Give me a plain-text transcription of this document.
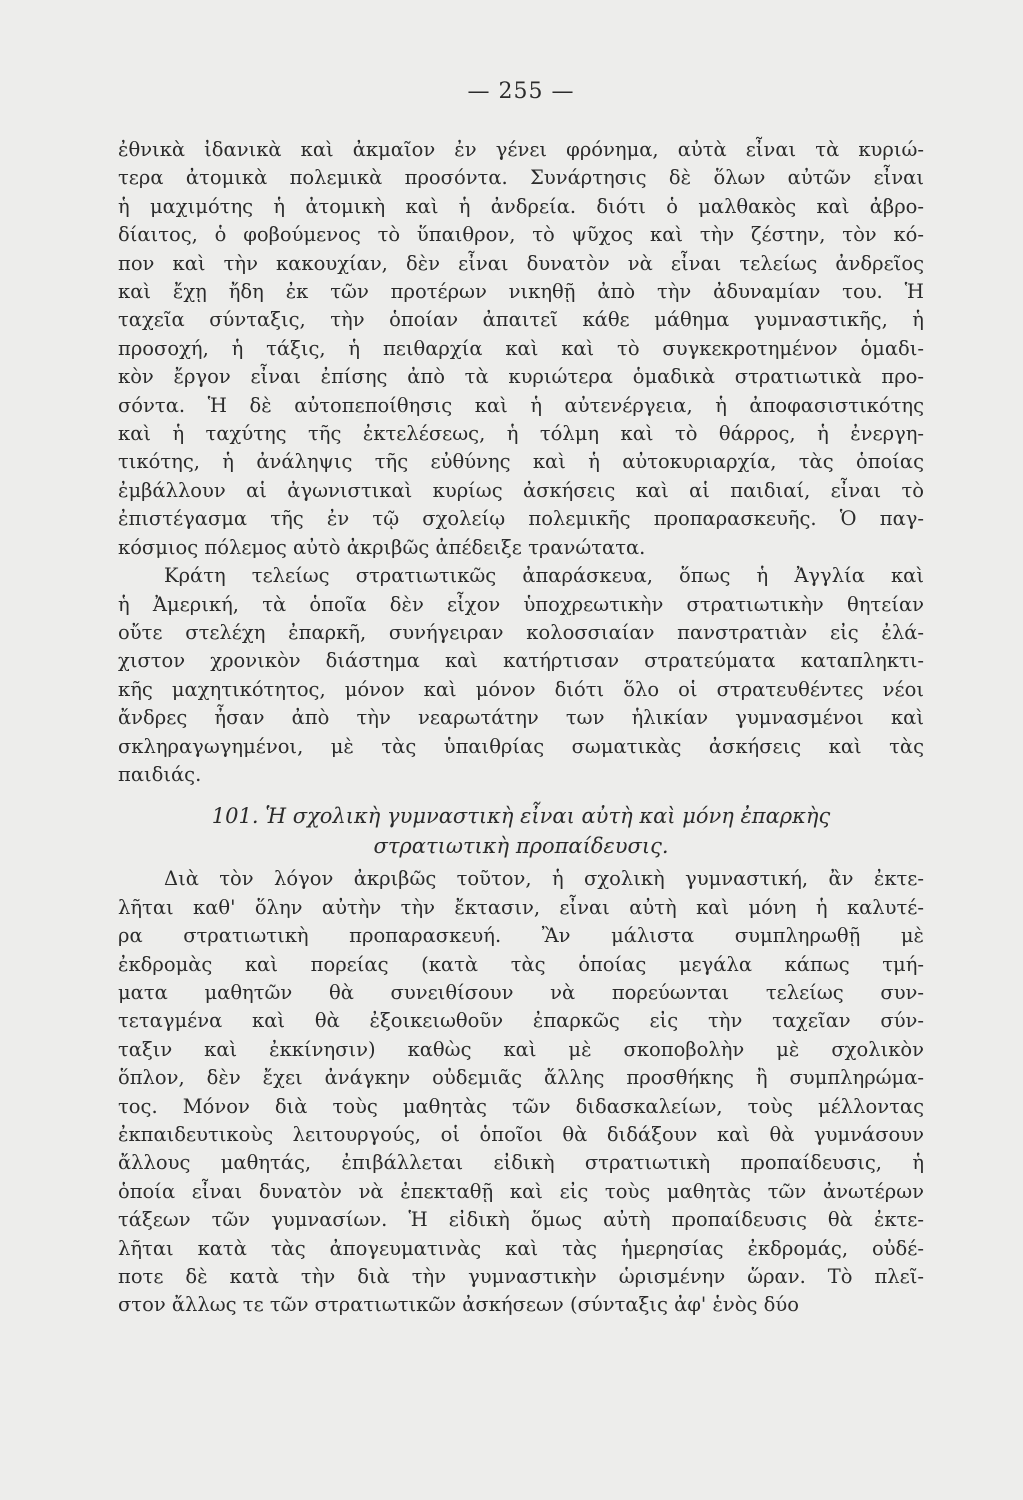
— 255 —

ἐθνικὰ ἰδανικὰ καὶ ἀκμαῖον ἐν γένει φρόνημα, αὐτὰ εἶναι τὰ κυριώ-
τερα ἀτομικὰ πολεμικὰ προσόντα. Συνάρτησις δὲ ὅλων αὐτῶν εἶναι
ἡ μαχιμότης ἡ ἀτομικὴ καὶ ἡ ἀνδρεία. διότι ὁ μαλθακὸς καὶ ἀβρο-
δίαιτος, ὁ φοβούμενος τὸ ὕπαιθρον, τὸ ψῦχος καὶ τὴν ζέστην, τὸν κό-
πον καὶ τὴν κακουχίαν, δὲν εἶναι δυνατὸν νὰ εἶναι τελείως ἀνδρεῖος
καὶ ἔχῃ ἤδη ἐκ τῶν προτέρων νικηθῇ ἀπὸ τὴν ἀδυναμίαν του. Ἡ
ταχεῖα σύνταξις, τὴν ὁποίαν ἀπαιτεῖ κάθε μάθημα γυμναστικῆς, ἡ
προσοχή, ἡ τάξις, ἡ πειθαρχία καὶ καὶ τὸ συγκεκροτημένον ὁμαδι-
κὸν ἔργον εἶναι ἐπίσης ἀπὸ τὰ κυριώτερα ὁμαδικὰ στρατιωτικὰ προ-
σόντα. Ἡ δὲ αὐτοπεποίθησις καὶ ἡ αὐτενέργεια, ἡ ἀποφασιστικότης
καὶ ἡ ταχύτης τῆς ἐκτελέσεως, ἡ τόλμη καὶ τὸ θάρρος, ἡ ἐνεργη-
τικότης, ἡ ἀνάληψις τῆς εὐθύνης καὶ ἡ αὐτοκυριαρχία, τὰς ὁποίας
ἐμβάλλουν αἱ ἀγωνιστικαὶ κυρίως ἀσκήσεις καὶ αἱ παιδιαί, εἶναι τὸ
ἐπιστέγασμα τῆς ἐν τῷ σχολείῳ πολεμικῆς προπαρασκευῆς. Ὁ παγ-
κόσμιος πόλεμος αὐτὸ ἀκριβῶς ἀπέδειξε τρανώτατα.

Κράτη τελείως στρατιωτικῶς ἀπαράσκευα, ὅπως ἡ Ἀγγλία καὶ
ἡ Ἀμερική, τὰ ὁποῖα δὲν εἶχον ὑποχρεωτικὴν στρατιωτικὴν θητείαν
οὔτε στελέχη ἐπαρκῆ, συνήγειραν κολοσσιαίαν πανστρατιὰν εἰς ἐλά-
χιστον χρονικὸν διάστημα καὶ κατήρτισαν στρατεύματα καταπληκτι-
κῆς μαχητικότητος, μόνον καὶ μόνον διότι ὅλο οἱ στρατευθέντες νέοι
ἄνδρες ἦσαν ἀπὸ τὴν νεαρωτάτην των ἡλικίαν γυμνασμένοι καὶ
σκληραγωγημένοι, μὲ τὰς ὑπαιθρίας σωματικὰς ἀσκήσεις καὶ τὰς
παιδιάς.

101. Ἡ σχολικὴ γυμναστικὴ εἶναι αὐτὴ καὶ μόνη ἐπαρκὴς
στρατιωτικὴ προπαίδευσις.

Διὰ τὸν λόγον ἀκριβῶς τοῦτον, ἡ σχολικὴ γυμναστική, ἂν ἐκτε-
λῆται καθ' ὅλην αὐτὴν τὴν ἔκτασιν, εἶναι αὐτὴ καὶ μόνη ἡ καλυτέ-
ρα στρατιωτικὴ προπαρασκευή. Ἂν μάλιστα συμπληρωθῇ μὲ
ἐκδρομὰς καὶ πορείας (κατὰ τὰς ὁποίας μεγάλα κάπως τμή-
ματα μαθητῶν θὰ συνειθίσουν νὰ πορεύωνται τελείως συν-
τεταγμένα καὶ θὰ ἐξοικειωθοῦν ἐπαρκῶς εἰς τὴν ταχεῖαν σύν-
ταξιν καὶ ἐκκίνησιν) καθὼς καὶ μὲ σκοποβολὴν μὲ σχολικὸν
ὅπλον, δὲν ἔχει ἀνάγκην οὐδεμιᾶς ἄλλης προσθήκης ἢ συμπληρώμα-
τος. Μόνον διὰ τοὺς μαθητὰς τῶν διδασκαλείων, τοὺς μέλλοντας
ἐκπαιδευτικοὺς λειτουργούς, οἱ ὁποῖοι θὰ διδάξουν καὶ θὰ γυμνάσουν
ἄλλους μαθητάς, ἐπιβάλλεται εἰδικὴ στρατιωτικὴ προπαίδευσις, ἡ
ὁποία εἶναι δυνατὸν νὰ ἐπεκταθῇ καὶ εἰς τοὺς μαθητὰς τῶν ἀνωτέρων
τάξεων τῶν γυμνασίων. Ἡ εἰδικὴ ὅμως αὐτὴ προπαίδευσις θὰ ἐκτε-
λῆται κατὰ τὰς ἀπογευματινὰς καὶ τὰς ἡμερησίας ἐκδρομάς, οὐδέ-
ποτε δὲ κατὰ τὴν διὰ τὴν γυμναστικὴν ὡρισμένην ὥραν. Τὸ πλεῖ-
στον ἄλλως τε τῶν στρατιωτικῶν ἀσκήσεων (σύνταξις ἀφ' ἑνὸς δύο
